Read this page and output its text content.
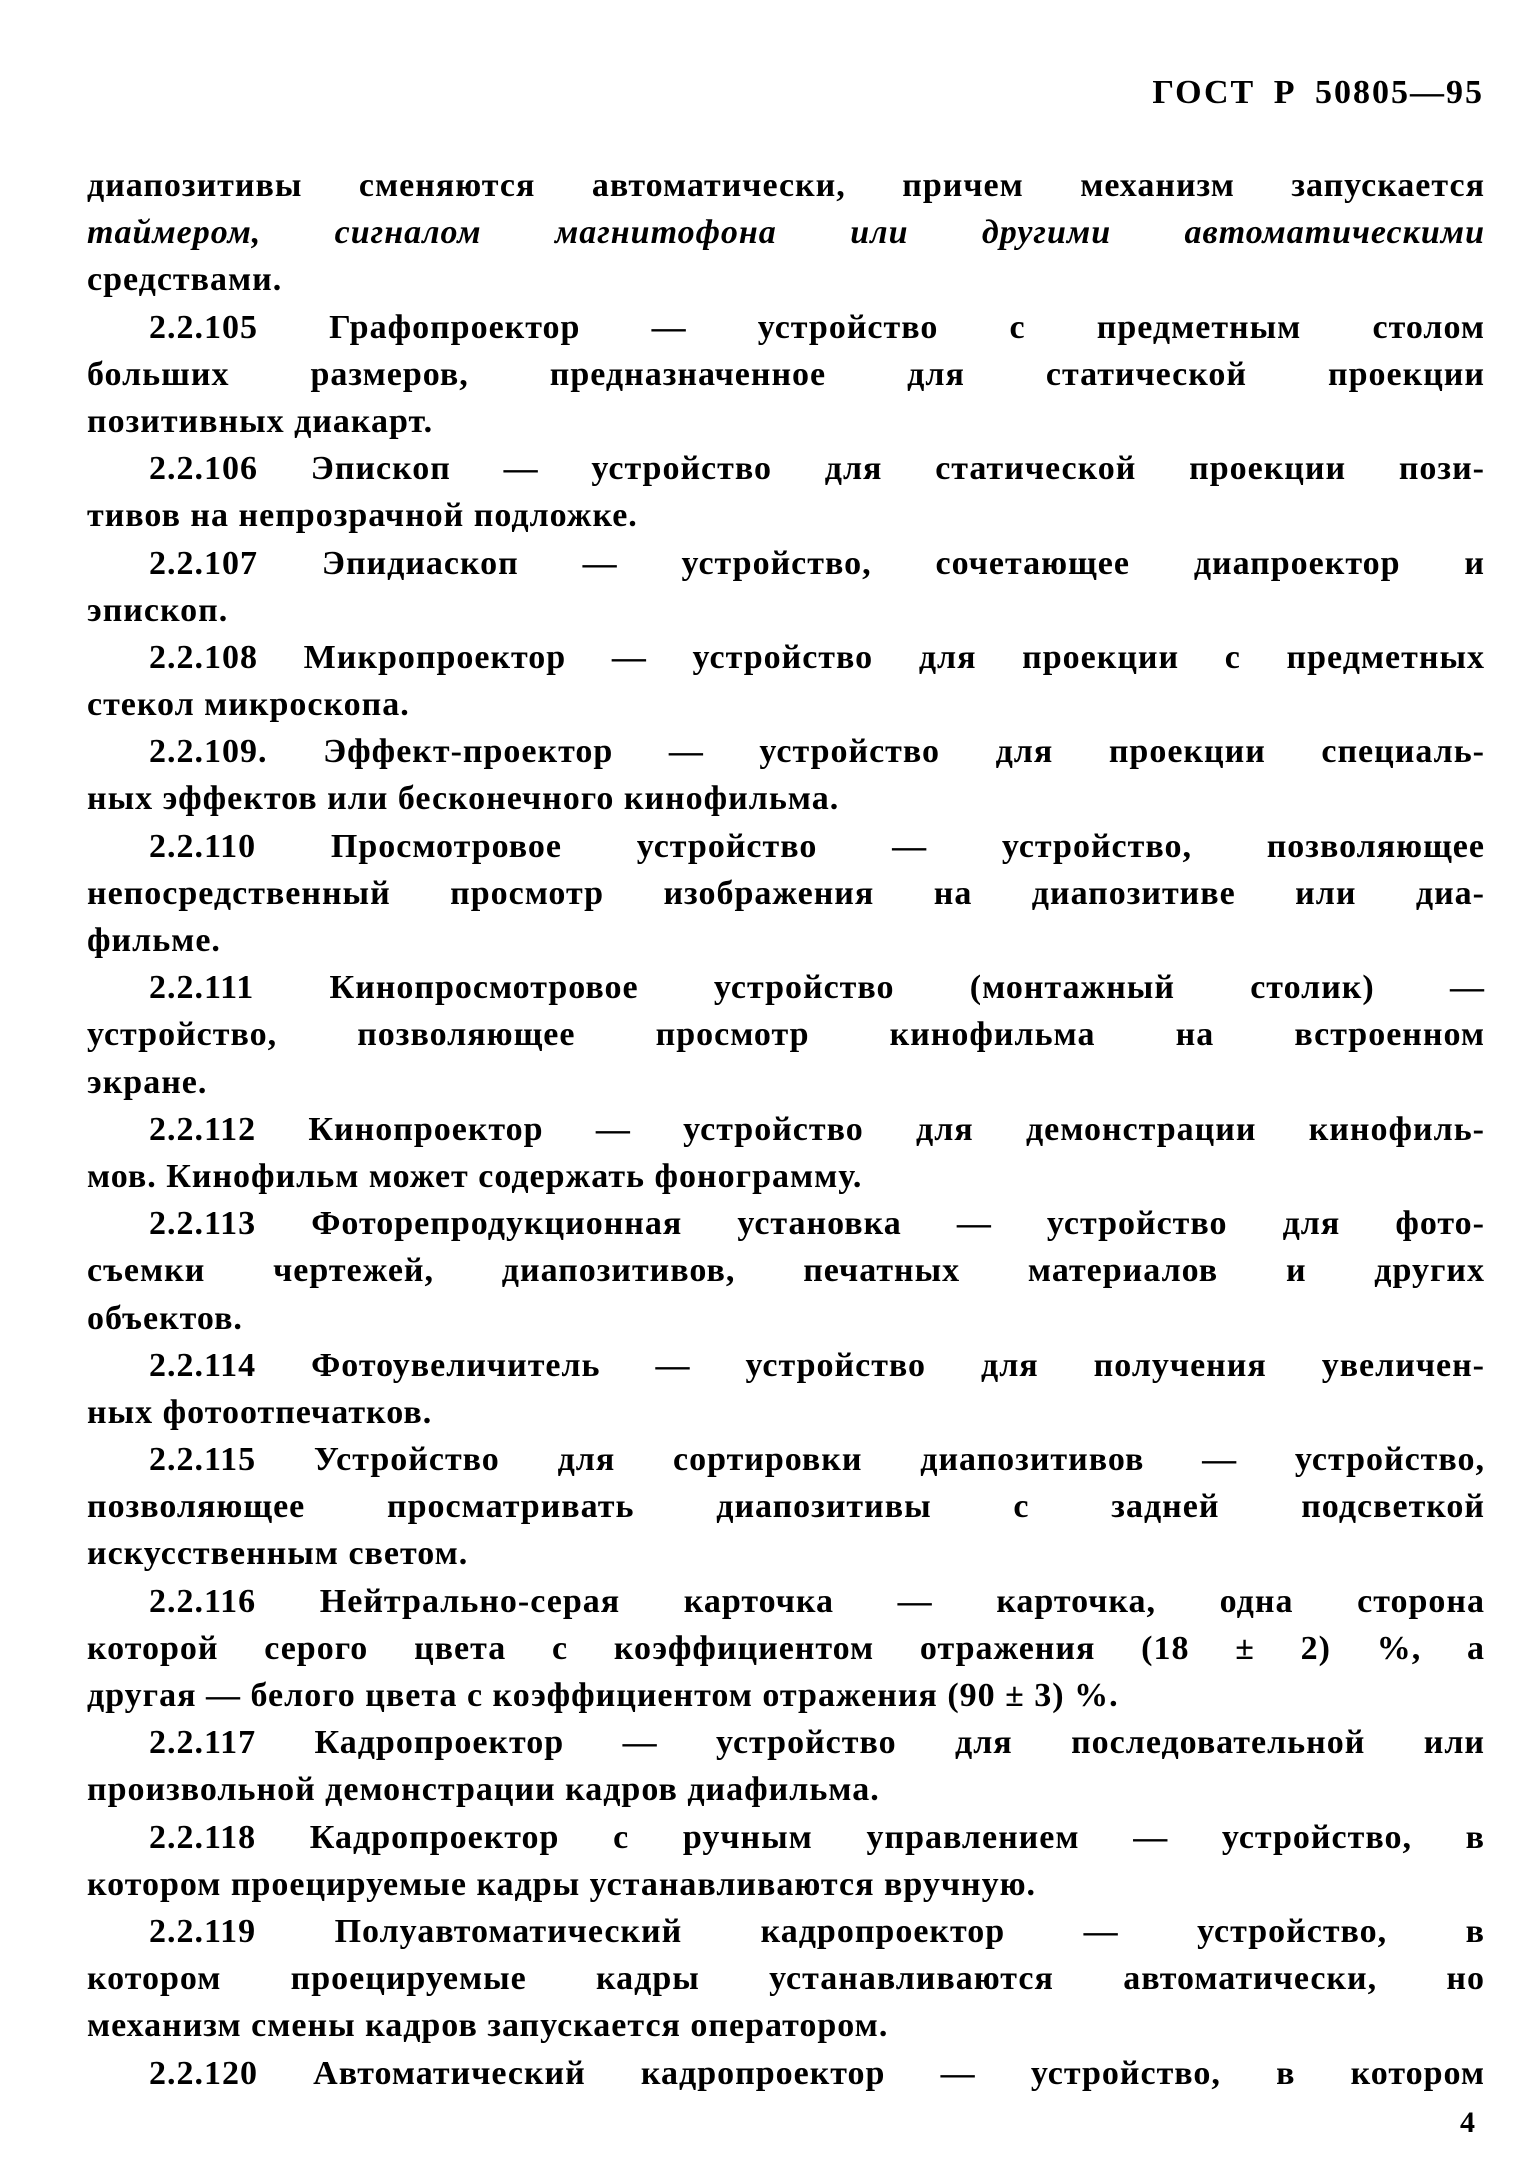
ГОСТ Р 50805—95
диапозитивы сменяются автоматически, причем механизм запускается
таймером, сигналом магнитофона или другими автоматическими
средствами.
2.2.105 Графопроектор — устройство с предметным столом
больших размеров, предназначенное для статической проекции
позитивных диакарт.
2.2.106 Эпископ — устройство для статической проекции пози-
тивов на непрозрачной подложке.
2.2.107 Эпидиаскоп — устройство, сочетающее диапроектор и
эпископ.
2.2.108 Микропроектор — устройство для проекции с предметных
стекол микроскопа.
2.2.109. Эффект-проектор — устройство для проекции специаль-
ных эффектов или бесконечного кинофильма.
2.2.110 Просмотровое устройство — устройство, позволяющее
непосредственный просмотр изображения на диапозитиве или диа-
фильме.
2.2.111 Кинопросмотровое устройство (монтажный столик) —
устройство, позволяющее просмотр кинофильма на встроенном
экране.
2.2.112 Кинопроектор — устройство для демонстрации кинофиль-
мов. Кинофильм может содержать фонограмму.
2.2.113 Фоторепродукционная установка — устройство для фото-
съемки чертежей, диапозитивов, печатных материалов и других
объектов.
2.2.114 Фотоувеличитель — устройство для получения увеличен-
ных фотоотпечатков.
2.2.115 Устройство для сортировки диапозитивов — устройство,
позволяющее просматривать диапозитивы с задней подсветкой
искусственным светом.
2.2.116 Нейтрально-серая карточка — карточка, одна сторона
которой серого цвета с коэффициентом отражения (18 ± 2) %, а
другая — белого цвета с коэффициентом отражения (90 ± 3) %.
2.2.117 Кадропроектор — устройство для последовательной или
произвольной демонстрации кадров диафильма.
2.2.118 Кадропроектор с ручным управлением — устройство, в
котором проецируемые кадры устанавливаются вручную.
2.2.119 Полуавтоматический кадропроектор — устройство, в
котором проецируемые кадры устанавливаются автоматически, но
механизм смены кадров запускается оператором.
2.2.120 Автоматический кадропроектор — устройство, в котором
4
